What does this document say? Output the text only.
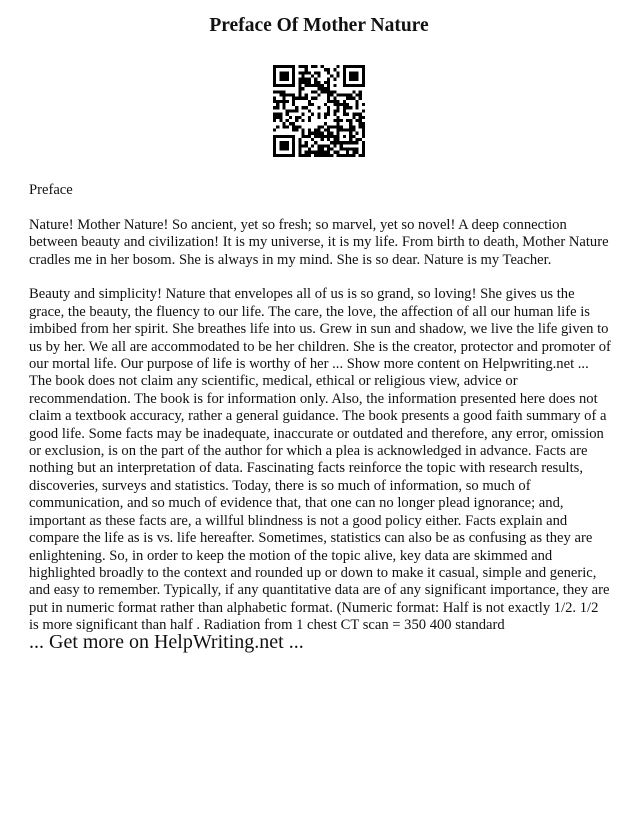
Preface Of Mother Nature

Preface

Nature! Mother Nature! So ancient, yet so fresh; so marvel, yet so novel! A deep connection between beauty and civilization! It is my universe, it is my life. From birth to death, Mother Nature cradles me in her bosom. She is always in my mind. She is so dear. Nature is my Teacher.

Beauty and simplicity! Nature that envelopes all of us is so grand, so loving! She gives us the grace, the beauty, the fluency to our life. The care, the love, the affection of all our human life is imbibed from her spirit. She breathes life into us. Grew in sun and shadow, we live the life given to us by her. We all are accommodated to be her children. She is the creator, protector and promoter of our mortal life. Our purpose of life is worthy of her ... Show more content on Helpwriting.net ...

The book does not claim any scientific, medical, ethical or religious view, advice or recommendation. The book is for information only. Also, the information presented here does not claim a textbook accuracy, rather a general guidance. The book presents a good faith summary of a good life. Some facts may be inadequate, inaccurate or outdated and therefore, any error, omission or exclusion, is on the part of the author for which a plea is acknowledged in advance. Facts are nothing but an interpretation of data. Fascinating facts reinforce the topic with research results, discoveries, surveys and statistics. Today, there is so much of information, so much of communication, and so much of evidence that, that one can no longer plead ignorance; and, important as these facts are, a willful blindness is not a good policy either. Facts explain and compare the life as is vs. life hereafter. Sometimes, statistics can also be as confusing as they are enlightening. So, in order to keep the motion of the topic alive, key data are skimmed and highlighted broadly to the context and rounded up or down to make it casual, simple and generic, and easy to remember. Typically, if any quantitative data are of any significant importance, they are put in numeric format rather than alphabetic format. (Numeric format: Half is not exactly 1/2. 1/2 is more significant than half . Radiation from 1 chest CT scan = 350 400 standard

... Get more on HelpWriting.net ...
